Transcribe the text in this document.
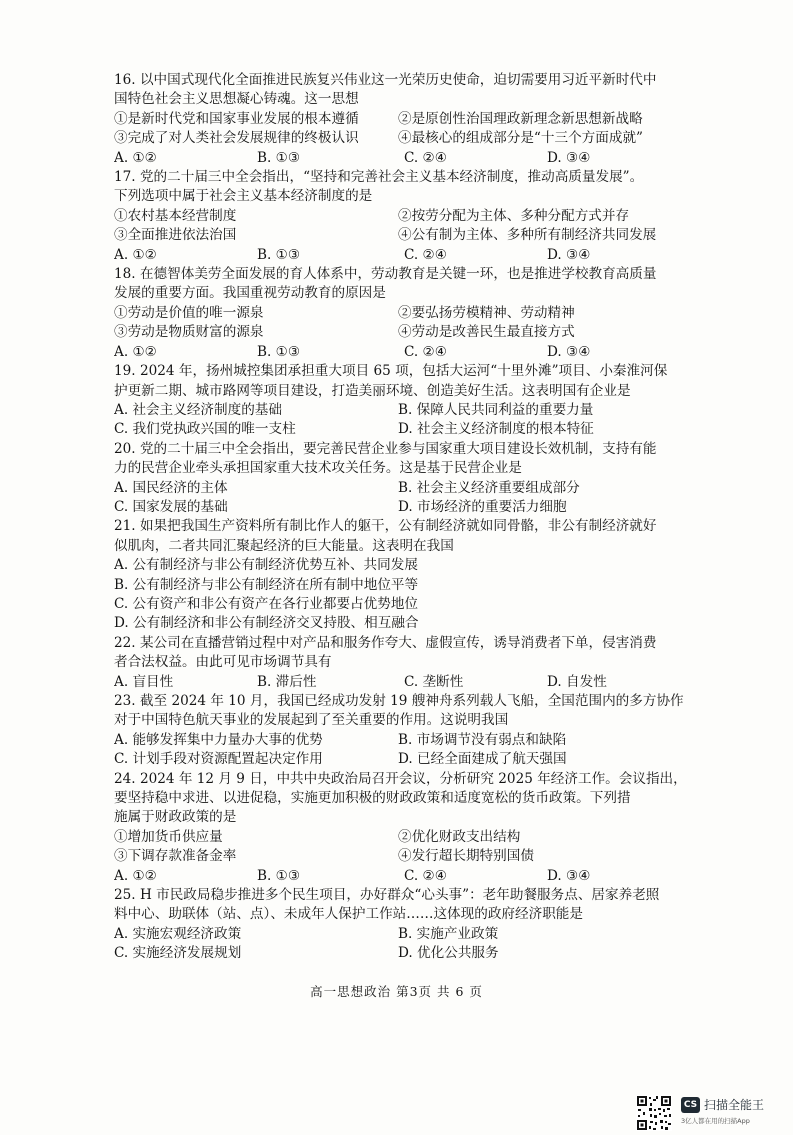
16. 以中国式现代化全面推进民族复兴伟业这一光荣历史使命，迫切需要用习近平新时代中
国特色社会主义思想凝心铸魂。这一思想
①是新时代党和国家事业发展的根本遵循	②是原创性治国理政新理念新思想新战略
③完成了对人类社会发展规律的终极认识	④最核心的组成部分是“十三个方面成就”
A. ①②	B. ①③	C. ②④	D. ③④
17. 党的二十届三中全会指出，“坚持和完善社会主义基本经济制度，推动高质量发展”。
下列选项中属于社会主义基本经济制度的是
①农村基本经营制度	②按劳分配为主体、多种分配方式并存
③全面推进依法治国	④公有制为主体、多种所有制经济共同发展
A. ①②	B. ①③	C. ②④	D. ③④
18. 在德智体美劳全面发展的育人体系中，劳动教育是关键一环，也是推进学校教育高质量
发展的重要方面。我国重视劳动教育的原因是
①劳动是价值的唯一源泉	②要弘扬劳模精神、劳动精神
③劳动是物质财富的源泉	④劳动是改善民生最直接方式
A. ①②	B. ①③	C. ②④	D. ③④
19. 2024 年，扬州城控集团承担重大项目 65 项，包括大运河“十里外滩”项目、小秦淮河保
护更新二期、城市路网等项目建设，打造美丽环境、创造美好生活。这表明国有企业是
A. 社会主义经济制度的基础	B. 保障人民共同利益的重要力量
C. 我们党执政兴国的唯一支柱	D. 社会主义经济制度的根本特征
20. 党的二十届三中全会指出，要完善民营企业参与国家重大项目建设长效机制，支持有能
力的民营企业牵头承担国家重大技术攻关任务。这是基于民营企业是
A. 国民经济的主体	B. 社会主义经济重要组成部分
C. 国家发展的基础	D. 市场经济的重要活力细胞
21. 如果把我国生产资料所有制比作人的躯干，公有制经济就如同骨骼，非公有制经济就好
似肌肉，二者共同汇聚起经济的巨大能量。这表明在我国
A. 公有制经济与非公有制经济优势互补、共同发展
B. 公有制经济与非公有制经济在所有制中地位平等
C. 公有资产和非公有资产在各行业都要占优势地位
D. 公有制经济和非公有制经济交叉持股、相互融合
22. 某公司在直播营销过程中对产品和服务作夸大、虚假宣传，诱导消费者下单，侵害消费
者合法权益。由此可见市场调节具有
A. 盲目性	B. 滞后性	C. 垄断性	D. 自发性
23. 截至 2024 年 10 月，我国已经成功发射 19 艘神舟系列载人飞船，全国范围内的多方协作
对于中国特色航天事业的发展起到了至关重要的作用。这说明我国
A. 能够发挥集中力量办大事的优势	B. 市场调节没有弱点和缺陷
C. 计划手段对资源配置起决定作用	D. 已经全面建成了航天强国
24. 2024 年 12 月 9 日，中共中央政治局召开会议，分析研究 2025 年经济工作。会议指出，
要坚持稳中求进、以进促稳，实施更加积极的财政政策和适度宽松的货币政策。下列措
施属于财政政策的是
①增加货币供应量	②优化财政支出结构
③下调存款准备金率	④发行超长期特别国债
A. ①②	B. ①③	C. ②④	D. ③④
25. H 市民政局稳步推进多个民生项目，办好群众“心头事”：老年助餐服务点、居家养老照
料中心、助联体（站、点）、未成年人保护工作站……这体现的政府经济职能是
A. 实施宏观经济政策	B. 实施产业政策
C. 实施经济发展规划	D. 优化公共服务
高一思想政治 第3页 共 6 页
CS 扫描全能王
3亿人都在用的扫描App
